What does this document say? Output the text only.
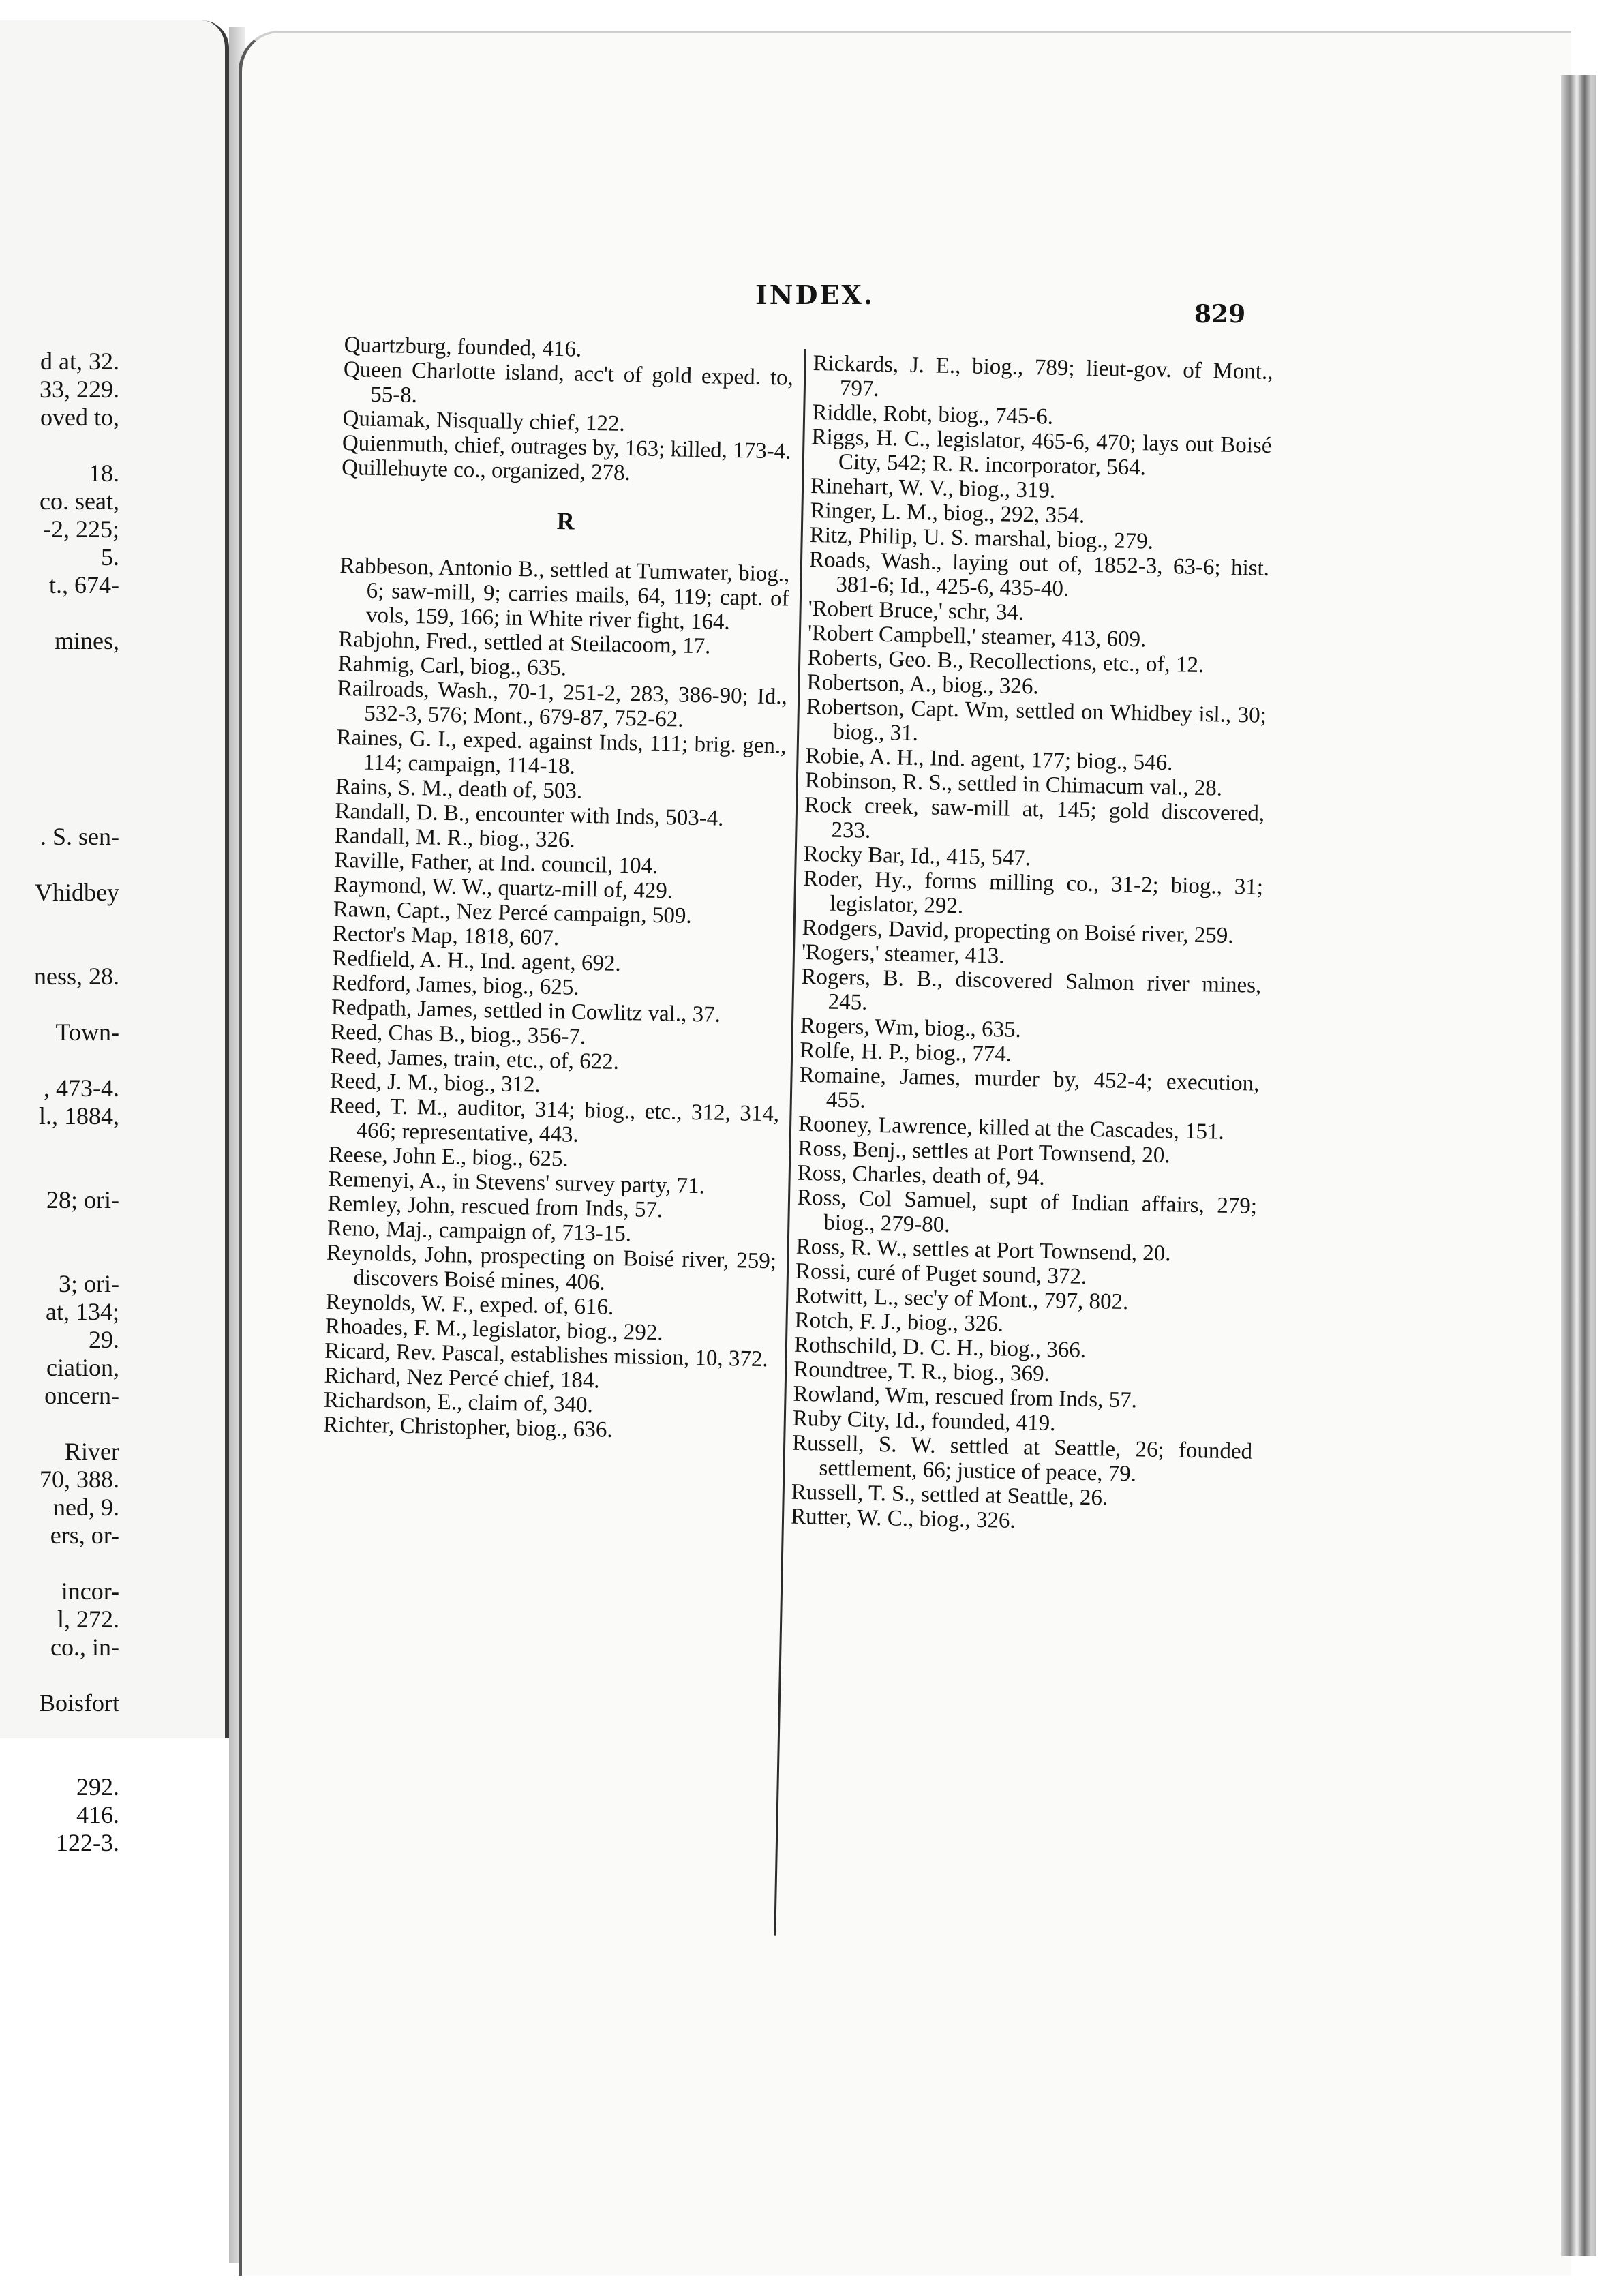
d at, 32.
33, 229.
oved to,
18.
co. seat,
-2, 225;
5.
t., 674-
mines,
. S. sen-
Vhidbey
ness, 28.
Town-
, 473-4.
l., 1884,
28; ori-
3; ori-
at, 134;
29.
ciation,
oncern-
River
70, 388.
ned, 9.
ers, or-
incor-
l, 272.
co., in-
Boisfort
292.
416.
122-3.
INDEX.
829

Quartzburg, founded, 416.

Queen Charlotte island, acc't of gold exped. to, 55-8.

Quiamak, Nisqually chief, 122.

Quienmuth, chief, outrages by, 163; killed, 173-4.

Quillehuyte co., organized, 278.

R

Rabbeson, Antonio B., settled at Tumwater, biog., 6; saw-mill, 9; carries mails, 64, 119; capt. of vols, 159, 166; in White river fight, 164.

Rabjohn, Fred., settled at Steilacoom, 17.

Rahmig, Carl, biog., 635.

Railroads, Wash., 70-1, 251-2, 283, 386-90; Id., 532-3, 576; Mont., 679-87, 752-62.

Raines, G. I., exped. against Inds, 111; brig. gen., 114; campaign, 114-18.

Rains, S. M., death of, 503.

Randall, D. B., encounter with Inds, 503-4.

Randall, M. R., biog., 326.

Raville, Father, at Ind. council, 104.

Raymond, W. W., quartz-mill of, 429.

Rawn, Capt., Nez Percé campaign, 509.

Rector's Map, 1818, 607.

Redfield, A. H., Ind. agent, 692.

Redford, James, biog., 625.

Redpath, James, settled in Cowlitz val., 37.

Reed, Chas B., biog., 356-7.

Reed, James, train, etc., of, 622.

Reed, J. M., biog., 312.

Reed, T. M., auditor, 314; biog., etc., 312, 314, 466; representative, 443.

Reese, John E., biog., 625.

Remenyi, A., in Stevens' survey party, 71.

Remley, John, rescued from Inds, 57.

Reno, Maj., campaign of, 713-15.

Reynolds, John, prospecting on Boisé river, 259; discovers Boisé mines, 406.

Reynolds, W. F., exped. of, 616.

Rhoades, F. M., legislator, biog., 292.

Ricard, Rev. Pascal, establishes mission, 10, 372.

Richard, Nez Percé chief, 184.

Richardson, E., claim of, 340.

Richter, Christopher, biog., 636.

Rickards, J. E., biog., 789; lieut-gov. of Mont., 797.

Riddle, Robt, biog., 745-6.

Riggs, H. C., legislator, 465-6, 470; lays out Boisé City, 542; R. R. incorporator, 564.

Rinehart, W. V., biog., 319.

Ringer, L. M., biog., 292, 354.

Ritz, Philip, U. S. marshal, biog., 279.

Roads, Wash., laying out of, 1852-3, 63-6; hist. 381-6; Id., 425-6, 435-40.

'Robert Bruce,' schr, 34.

'Robert Campbell,' steamer, 413, 609.

Roberts, Geo. B., Recollections, etc., of, 12.

Robertson, A., biog., 326.

Robertson, Capt. Wm, settled on Whidbey isl., 30; biog., 31.

Robie, A. H., Ind. agent, 177; biog., 546.

Robinson, R. S., settled in Chimacum val., 28.

Rock creek, saw-mill at, 145; gold discovered, 233.

Rocky Bar, Id., 415, 547.

Roder, Hy., forms milling co., 31-2; biog., 31; legislator, 292.

Rodgers, David, propecting on Boisé river, 259.

'Rogers,' steamer, 413.

Rogers, B. B., discovered Salmon river mines, 245.

Rogers, Wm, biog., 635.

Rolfe, H. P., biog., 774.

Romaine, James, murder by, 452-4; execution, 455.

Rooney, Lawrence, killed at the Cascades, 151.

Ross, Benj., settles at Port Townsend, 20.

Ross, Charles, death of, 94.

Ross, Col Samuel, supt of Indian affairs, 279; biog., 279-80.

Ross, R. W., settles at Port Townsend, 20.

Rossi, curé of Puget sound, 372.

Rotwitt, L., sec'y of Mont., 797, 802.

Rotch, F. J., biog., 326.

Rothschild, D. C. H., biog., 366.

Roundtree, T. R., biog., 369.

Rowland, Wm, rescued from Inds, 57.

Ruby City, Id., founded, 419.

Russell, S. W. settled at Seattle, 26; founded settlement, 66; justice of peace, 79.

Russell, T. S., settled at Seattle, 26.

Rutter, W. C., biog., 326.
